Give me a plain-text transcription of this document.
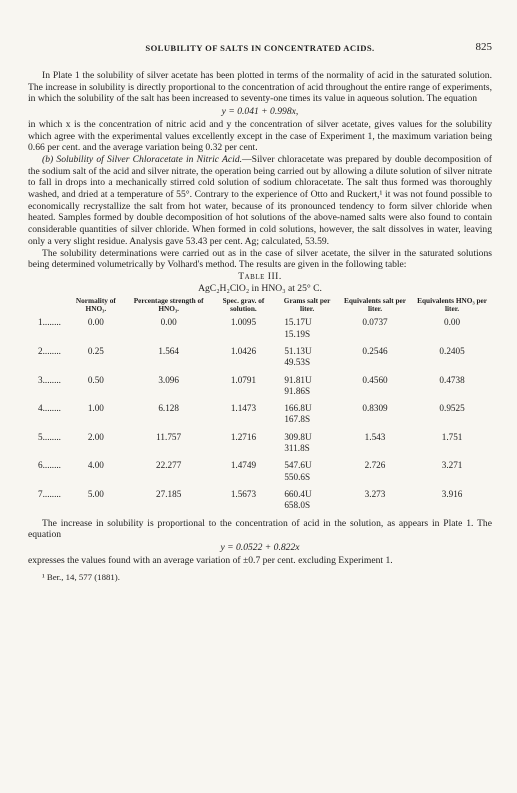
SOLUBILITY OF SALTS IN CONCENTRATED ACIDS.	825

In Plate 1 the solubility of silver acetate has been plotted in terms of the normality of acid in the saturated solution. The increase in solubility is directly proportional to the concentration of acid throughout the entire range of experiments, in which the solubility of the salt has been increased to seventy-one times its value in aqueous solution. The equation

y = 0.041 + 0.998x,

in which x is the concentration of nitric acid and y the concentration of silver acetate, gives values for the solubility which agree with the experimental values excellently except in the case of Experiment 1, the maximum variation being 0.66 per cent. and the average variation being 0.32 per cent.

(b) Solubility of Silver Chloracetate in Nitric Acid.—Silver chloracetate was prepared by double decomposition of the sodium salt of the acid and silver nitrate, the operation being carried out by allowing a dilute solution of silver nitrate to fall in drops into a mechanically stirred cold solution of sodium chloracetate. The salt thus formed was thoroughly washed, and dried at a temperature of 55°. Contrary to the experience of Otto and Ruckert,¹ it was not found possible to economically recrystallize the salt from hot water, because of its pronounced tendency to form silver chloride when heated. Samples formed by double decomposition of hot solutions of the above-named salts were also found to contain considerable quantities of silver chloride. When formed in cold solutions, however, the salt dissolves in water, leaving only a very slight residue. Analysis gave 53.43 per cent. Ag; calculated, 53.59.

The solubility determinations were carried out as in the case of silver acetate, the silver in the saturated solutions being determined volumetrically by Volhard's method. The results are given in the following table:

Table III.

AgC₂H₂ClO₂ in HNO₃ at 25° C.

	Normality of HNO₃.	Percentage strength of HNO₃.	Spec. grav. of solution.	Grams salt per liter.	Equivalents salt per liter.	Equivalents HNO₃ per liter.
1........	0.00	0.00	1.0095	15.17U
15.19S	0.0737	0.00
2........	0.25	1.564	1.0426	51.13U
49.53S	0.2546	0.2405
3........	0.50	3.096	1.0791	91.81U
91.86S	0.4560	0.4738
4........	1.00	6.128	1.1473	166.8U
167.8S	0.8309	0.9525
5........	2.00	11.757	1.2716	309.8U
311.8S	1.543	1.751
6........	4.00	22.277	1.4749	547.6U
550.6S	2.726	3.271
7........	5.00	27.185	1.5673	660.4U
658.0S	3.273	3.916

The increase in solubility is proportional to the concentration of acid in the solution, as appears in Plate 1. The equation

y = 0.0522 + 0.822x

expresses the values found with an average variation of ±0.7 per cent. excluding Experiment 1.

¹ Ber., 14, 577 (1881).
